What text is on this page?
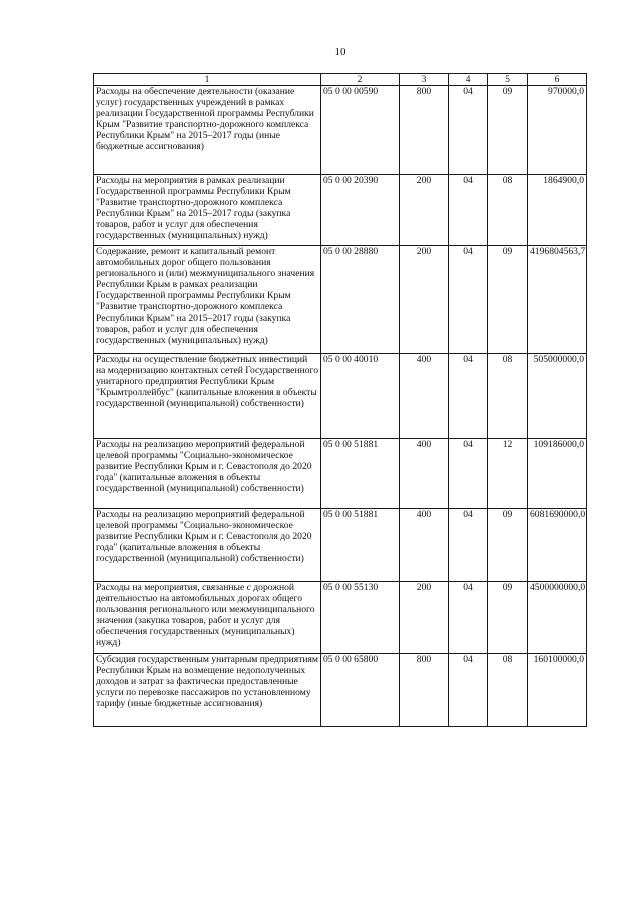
10
1	2	3	4	5	6
Расходы на обеспечение деятельности (оказание услуг) государственных учреждений в рамках реализации Государственной программы Республики Крым "Развитие транспортно-дорожного комплекса Республики Крым" на 2015–2017 годы (иные бюджетные ассигнования)	05 0 00 00590	800	04	09	970000,0
Расходы на мероприятия в рамках реализации Государственной программы Республики Крым "Развитие транспортно-дорожного комплекса Республики Крым" на 2015–2017 годы (закупка товаров, работ и услуг для обеспечения государственных (муниципальных) нужд)	05 0 00 20390	200	04	08	1864900,0
Содержание, ремонт и капитальный ремонт автомобильных дорог общего пользования регионального и (или) межмуниципального значения Республики Крым в рамках реализации Государственной программы Республики Крым "Развитие транспортно-дорожного комплекса Республики Крым" на 2015–2017 годы (закупка товаров, работ и услуг для обеспечения государственных (муниципальных) нужд)	05 0 00 28880	200	04	09	4196804563,7
Расходы на осуществление бюджетных инвестиций на модернизацию контактных сетей Государственного унитарного предприятия Республики Крым "Крымтроллейбус" (капитальные вложения в объекты государственной (муниципальной) собственности)	05 0 00 40010	400	04	08	505000000,0
Расходы на реализацию мероприятий федеральной целевой программы "Социально-экономическое развитие Республики Крым и г. Севастополя до 2020 года" (капитальные вложения в объекты государственной (муниципальной) собственности)	05 0 00 51881	400	04	12	109186000,0
Расходы на реализацию мероприятий федеральной целевой программы "Социально-экономическое развитие Республики Крым и г. Севастополя до 2020 года" (капитальные вложения в объекты государственной (муниципальной) собственности)	05 0 00 51881	400	04	09	6081690000,0
Расходы на мероприятия, связанные с дорожной деятельностью на автомобильных дорогах общего пользования регионального или межмуниципального значения (закупка товаров, работ и услуг для обеспечения государственных (муниципальных) нужд)	05 0 00 55130	200	04	09	4500000000,0
Субсидия государственным унитарным предприятиям Республики Крым на возмещение недополученных доходов и затрат за фактически предоставленные услуги по перевозке пассажиров по установленному тарифу (иные бюджетные ассигнования)	05 0 00 65800	800	04	08	160100000,0
